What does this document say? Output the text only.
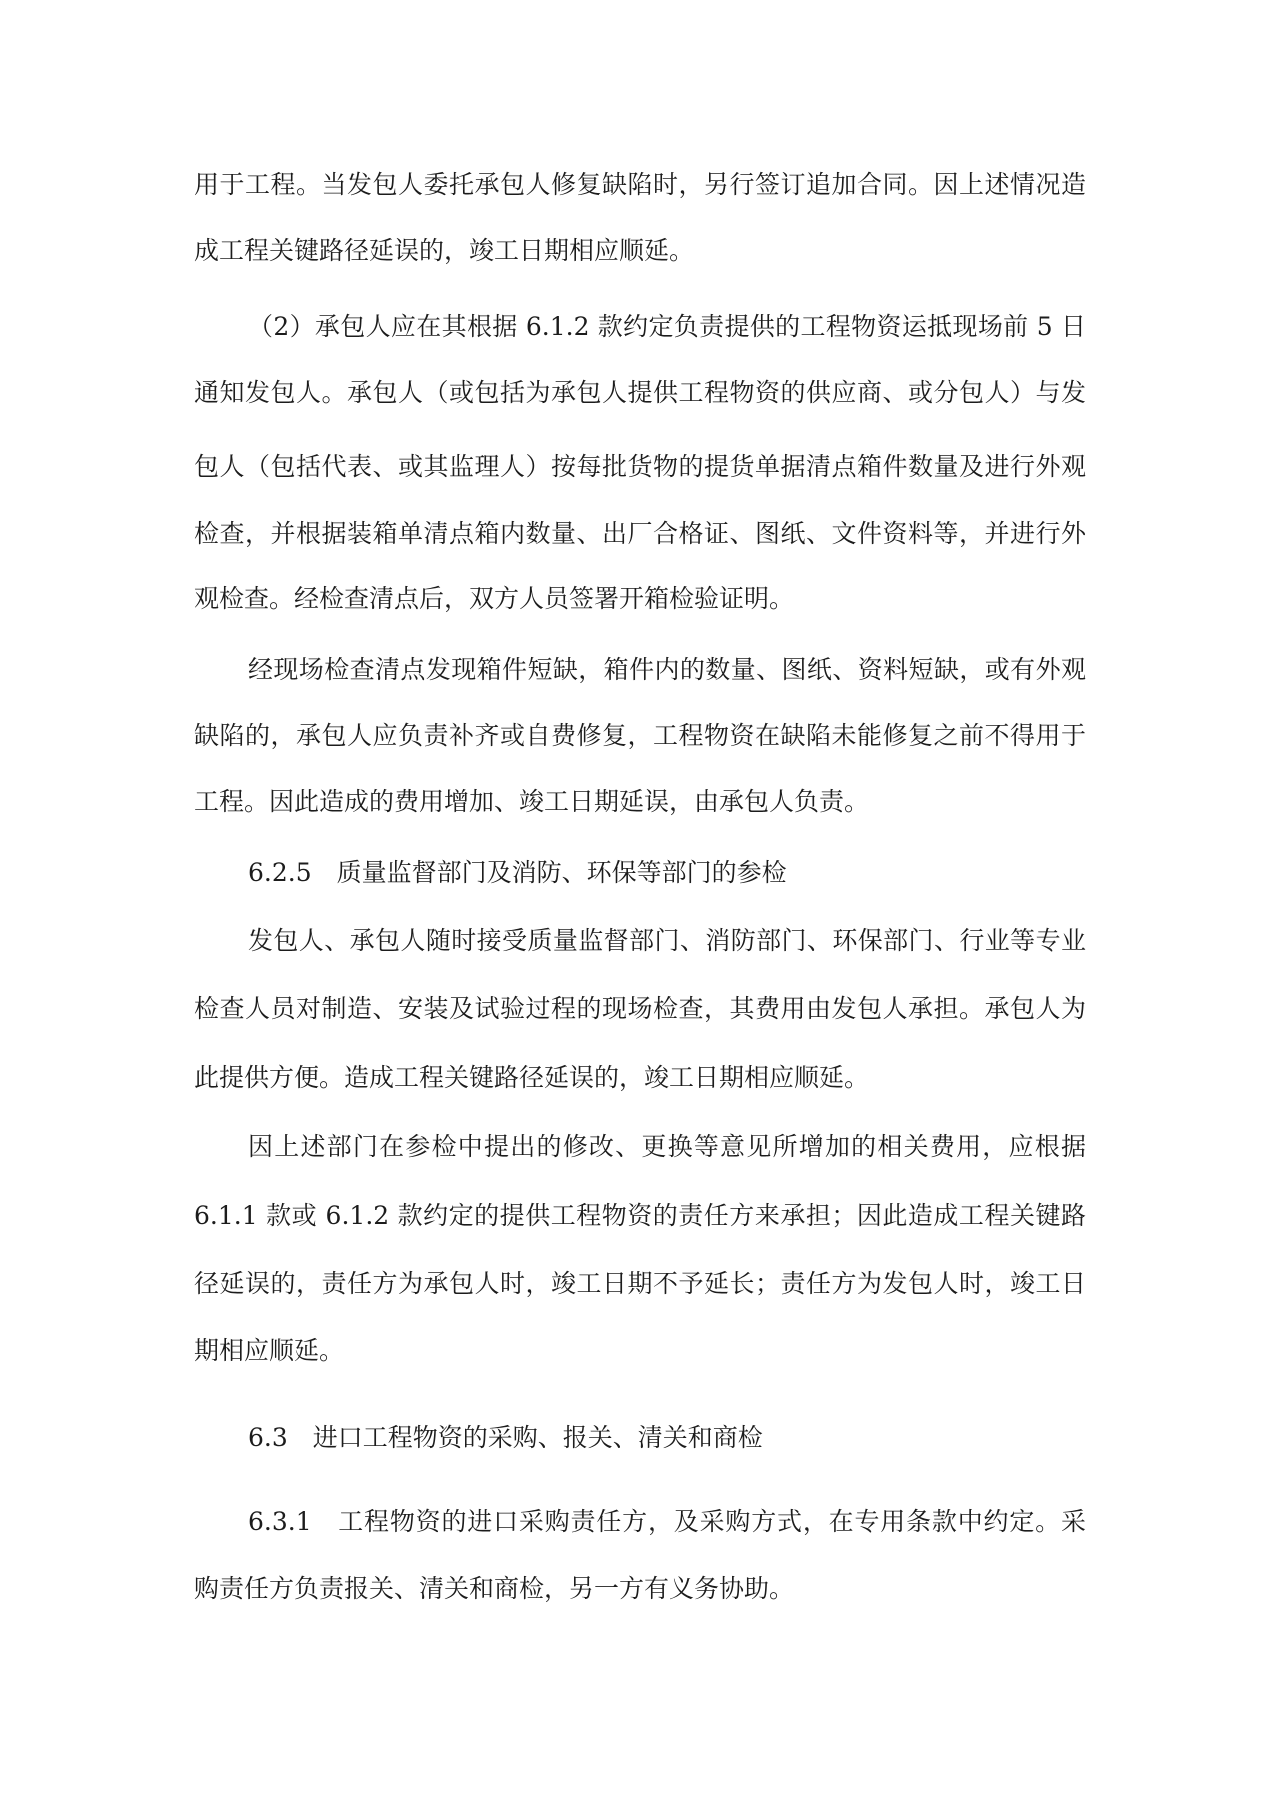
用于工程。当发包人委托承包人修复缺陷时，另行签订追加合同。因上述情况造
成工程关键路径延误的，竣工日期相应顺延。
（2）承包人应在其根据 6.1.2 款约定负责提供的工程物资运抵现场前 5 日
通知发包人。承包人（或包括为承包人提供工程物资的供应商、或分包人）与发
包人（包括代表、或其监理人）按每批货物的提货单据清点箱件数量及进行外观
检查，并根据装箱单清点箱内数量、出厂合格证、图纸、文件资料等，并进行外
观检查。经检查清点后，双方人员签署开箱检验证明。
经现场检查清点发现箱件短缺，箱件内的数量、图纸、资料短缺，或有外观
缺陷的，承包人应负责补齐或自费修复，工程物资在缺陷未能修复之前不得用于
工程。因此造成的费用增加、竣工日期延误，由承包人负责。
6.2.5　质量监督部门及消防、环保等部门的参检
发包人、承包人随时接受质量监督部门、消防部门、环保部门、行业等专业
检查人员对制造、安装及试验过程的现场检查，其费用由发包人承担。承包人为
此提供方便。造成工程关键路径延误的，竣工日期相应顺延。
因上述部门在参检中提出的修改、更换等意见所增加的相关费用，应根据
6.1.1 款或 6.1.2 款约定的提供工程物资的责任方来承担；因此造成工程关键路
径延误的，责任方为承包人时，竣工日期不予延长；责任方为发包人时，竣工日
期相应顺延。
6.3　进口工程物资的采购、报关、清关和商检
6.3.1　工程物资的进口采购责任方，及采购方式，在专用条款中约定。采
购责任方负责报关、清关和商检，另一方有义务协助。
